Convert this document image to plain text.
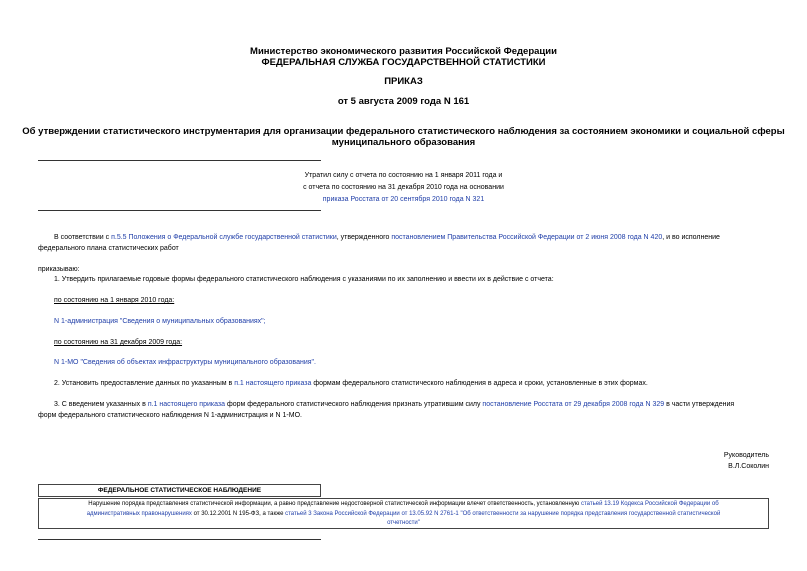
Министерство экономического развития Российской Федерации
ФЕДЕРАЛЬНАЯ СЛУЖБА ГОСУДАРСТВЕННОЙ СТАТИСТИКИ
ПРИКАЗ
от 5 августа 2009 года N 161
Об утверждении статистического инструментария для организации федерального статистического наблюдения за состоянием экономики и социальной сферы
муниципального образования
Утратил силу с отчета по состоянию на 1 января 2011 года и
с отчета по состоянию на 31 декабря 2010 года на основании
приказа Росстата от 20 сентября 2010 года N 321
В соответствии с п.5.5 Положения о Федеральной службе государственной статистики, утвержденного постановлением Правительства Российской Федерации от 2 июня 2008 года N 420, и во исполнение
федерального плана статистических работ
приказываю:
1. Утвердить прилагаемые годовые формы федерального статистического наблюдения с указаниями по их заполнению и ввести их в действие с отчета:
по состоянию на 1 января 2010 года:
N 1-администрация "Сведения о муниципальных образованиях";
по состоянию на 31 декабря 2009 года:
N 1-МО "Сведения об объектах инфраструктуры муниципального образования".
2. Установить предоставление данных по указанным в п.1 настоящего приказа формам федерального статистического наблюдения в адреса и сроки, установленные в этих формах.
3. С введением указанных в п.1 настоящего приказа форм федерального статистического наблюдения признать утратившим силу постановление Росстата от 29 декабря 2008 года N 329 в части утверждения
форм федерального статистического наблюдения N 1-администрация и N 1-МО.
Руководитель
В.Л.Соколин
ФЕДЕРАЛЬНОЕ СТАТИСТИЧЕСКОЕ НАБЛЮДЕНИЕ
Нарушение порядка представления статистической информации, а равно представление недостоверной статистической информации влечет ответственность, установленную статьей 13.19 Кодекса Российской Федерации об
административных правонарушениях от 30.12.2001 N 195-ФЗ, а также статьей 3 Закона Российской Федерации от 13.05.92 N 2761-1 "Об ответственности за нарушение порядка представления государственной статистической
отчетности"
